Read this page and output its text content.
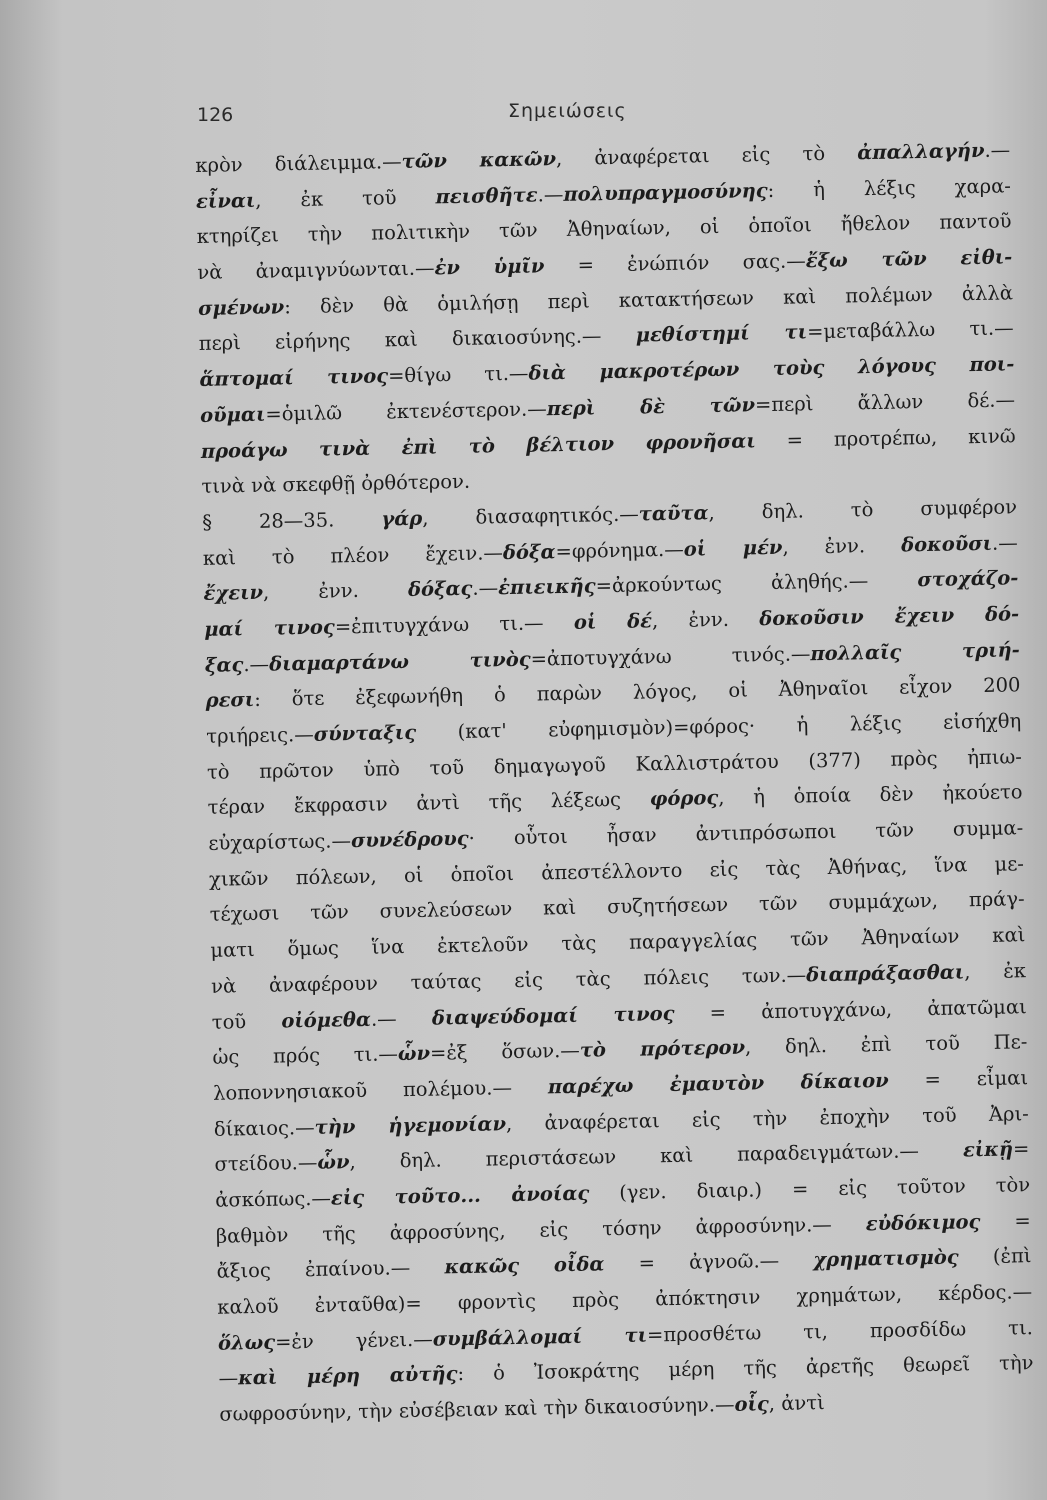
126	Σημειώσεις
κρὸν διάλειμμα.—τῶν κακῶν, ἀναφέρεται εἰς τὸ ἀπαλλαγήν.—
εἶναι, ἐκ τοῦ πεισθῆτε.—πολυπραγμοσύνης: ἡ λέξις χαρα-
κτηρίζει τὴν πολιτικὴν τῶν Ἀθηναίων, οἱ ὁποῖοι ἤθελον παντοῦ
νὰ ἀναμιγνύωνται.—ἐν ὑμῖν = ἐνώπιόν σας.—ἔξω τῶν εἰθι-
σμένων: δὲν θὰ ὁμιλήσῃ περὶ κατακτήσεων καὶ πολέμων ἀλλὰ
περὶ εἰρήνης καὶ δικαιοσύνης.— μεθίστημί τι=μεταβάλλω τι.—
ἅπτομαί τινος=θίγω τι.—διὰ μακροτέρων τοὺς λόγους ποι-
οῦμαι=ὁμιλῶ ἐκτενέστερον.—περὶ δὲ τῶν=περὶ ἄλλων δέ.—
προάγω τινὰ ἐπὶ τὸ βέλτιον φρονῆσαι = προτρέπω, κινῶ
τινὰ νὰ σκεφθῇ ὀρθότερον.
§ 28—35. γάρ, διασαφητικός.—ταῦτα, δηλ. τὸ συμφέρον
καὶ τὸ πλέον ἔχειν.—δόξα=φρόνημα.—οἱ μέν, ἐνν. δοκοῦσι.—
ἔχειν, ἐνν. δόξας.—ἐπιεικῆς=ἀρκούντως ἀληθής.— στοχάζο-
μαί τινος=ἐπιτυγχάνω τι.— οἱ δέ, ἐνν. δοκοῦσιν ἔχειν δό-
ξας.—διαμαρτάνω τινὸς=ἀποτυγχάνω τινός.—πολλαῖς τριή-
ρεσι: ὅτε ἐξεφωνήθη ὁ παρὼν λόγος, οἱ Ἀθηναῖοι εἶχον 200
τριήρεις.—σύνταξις (κατ' εὐφημισμὸν)=φόρος· ἡ λέξις εἰσήχθη
τὸ πρῶτον ὑπὸ τοῦ δημαγωγοῦ Καλλιστράτου (377) πρὸς ἠπιω-
τέραν ἔκφρασιν ἀντὶ τῆς λέξεως φόρος, ἡ ὁποία δὲν ἠκούετο
εὐχαρίστως.—συνέδρους· οὗτοι ἦσαν ἀντιπρόσωποι τῶν συμμα-
χικῶν πόλεων, οἱ ὁποῖοι ἀπεστέλλοντο εἰς τὰς Ἀθήνας, ἵνα με-
τέχωσι τῶν συνελεύσεων καὶ συζητήσεων τῶν συμμάχων, πράγ-
ματι ὅμως ἵνα ἐκτελοῦν τὰς παραγγελίας τῶν Ἀθηναίων καὶ
νὰ ἀναφέρουν ταύτας εἰς τὰς πόλεις των.—διαπράξασθαι, ἐκ
τοῦ οἰόμεθα.— διαψεύδομαί τινος = ἀποτυγχάνω, ἀπατῶμαι
ὡς πρός τι.—ὧν=ἐξ ὅσων.—τὸ πρότερον, δηλ. ἐπὶ τοῦ Πε-
λοποννησιακοῦ πολέμου.— παρέχω ἐμαυτὸν δίκαιον = εἶμαι
δίκαιος.—τὴν ἡγεμονίαν, ἀναφέρεται εἰς τὴν ἐποχὴν τοῦ Ἀρι-
στείδου.—ὧν, δηλ. περιστάσεων καὶ παραδειγμάτων.— εἰκῇ=
ἀσκόπως.—εἰς τοῦτο... ἀνοίας (γεν. διαιρ.) = εἰς τοῦτον τὸν
βαθμὸν τῆς ἀφροσύνης, εἰς τόσην ἀφροσύνην.— εὐδόκιμος =
ἄξιος ἐπαίνου.— κακῶς οἶδα = ἀγνοῶ.— χρηματισμὸς (ἐπὶ
καλοῦ ἐνταῦθα)= φροντὶς πρὸς ἀπόκτησιν χρημάτων, κέρδος.—
ὅλως=ἐν γένει.—συμβάλλομαί τι=προσθέτω τι, προσδίδω τι.
—καὶ μέρη αὐτῆς: ὁ Ἰσοκράτης μέρη τῆς ἀρετῆς θεωρεῖ τὴν
σωφροσύνην, τὴν εὐσέβειαν καὶ τὴν δικαιοσύνην.—οἷς, ἀντὶ
